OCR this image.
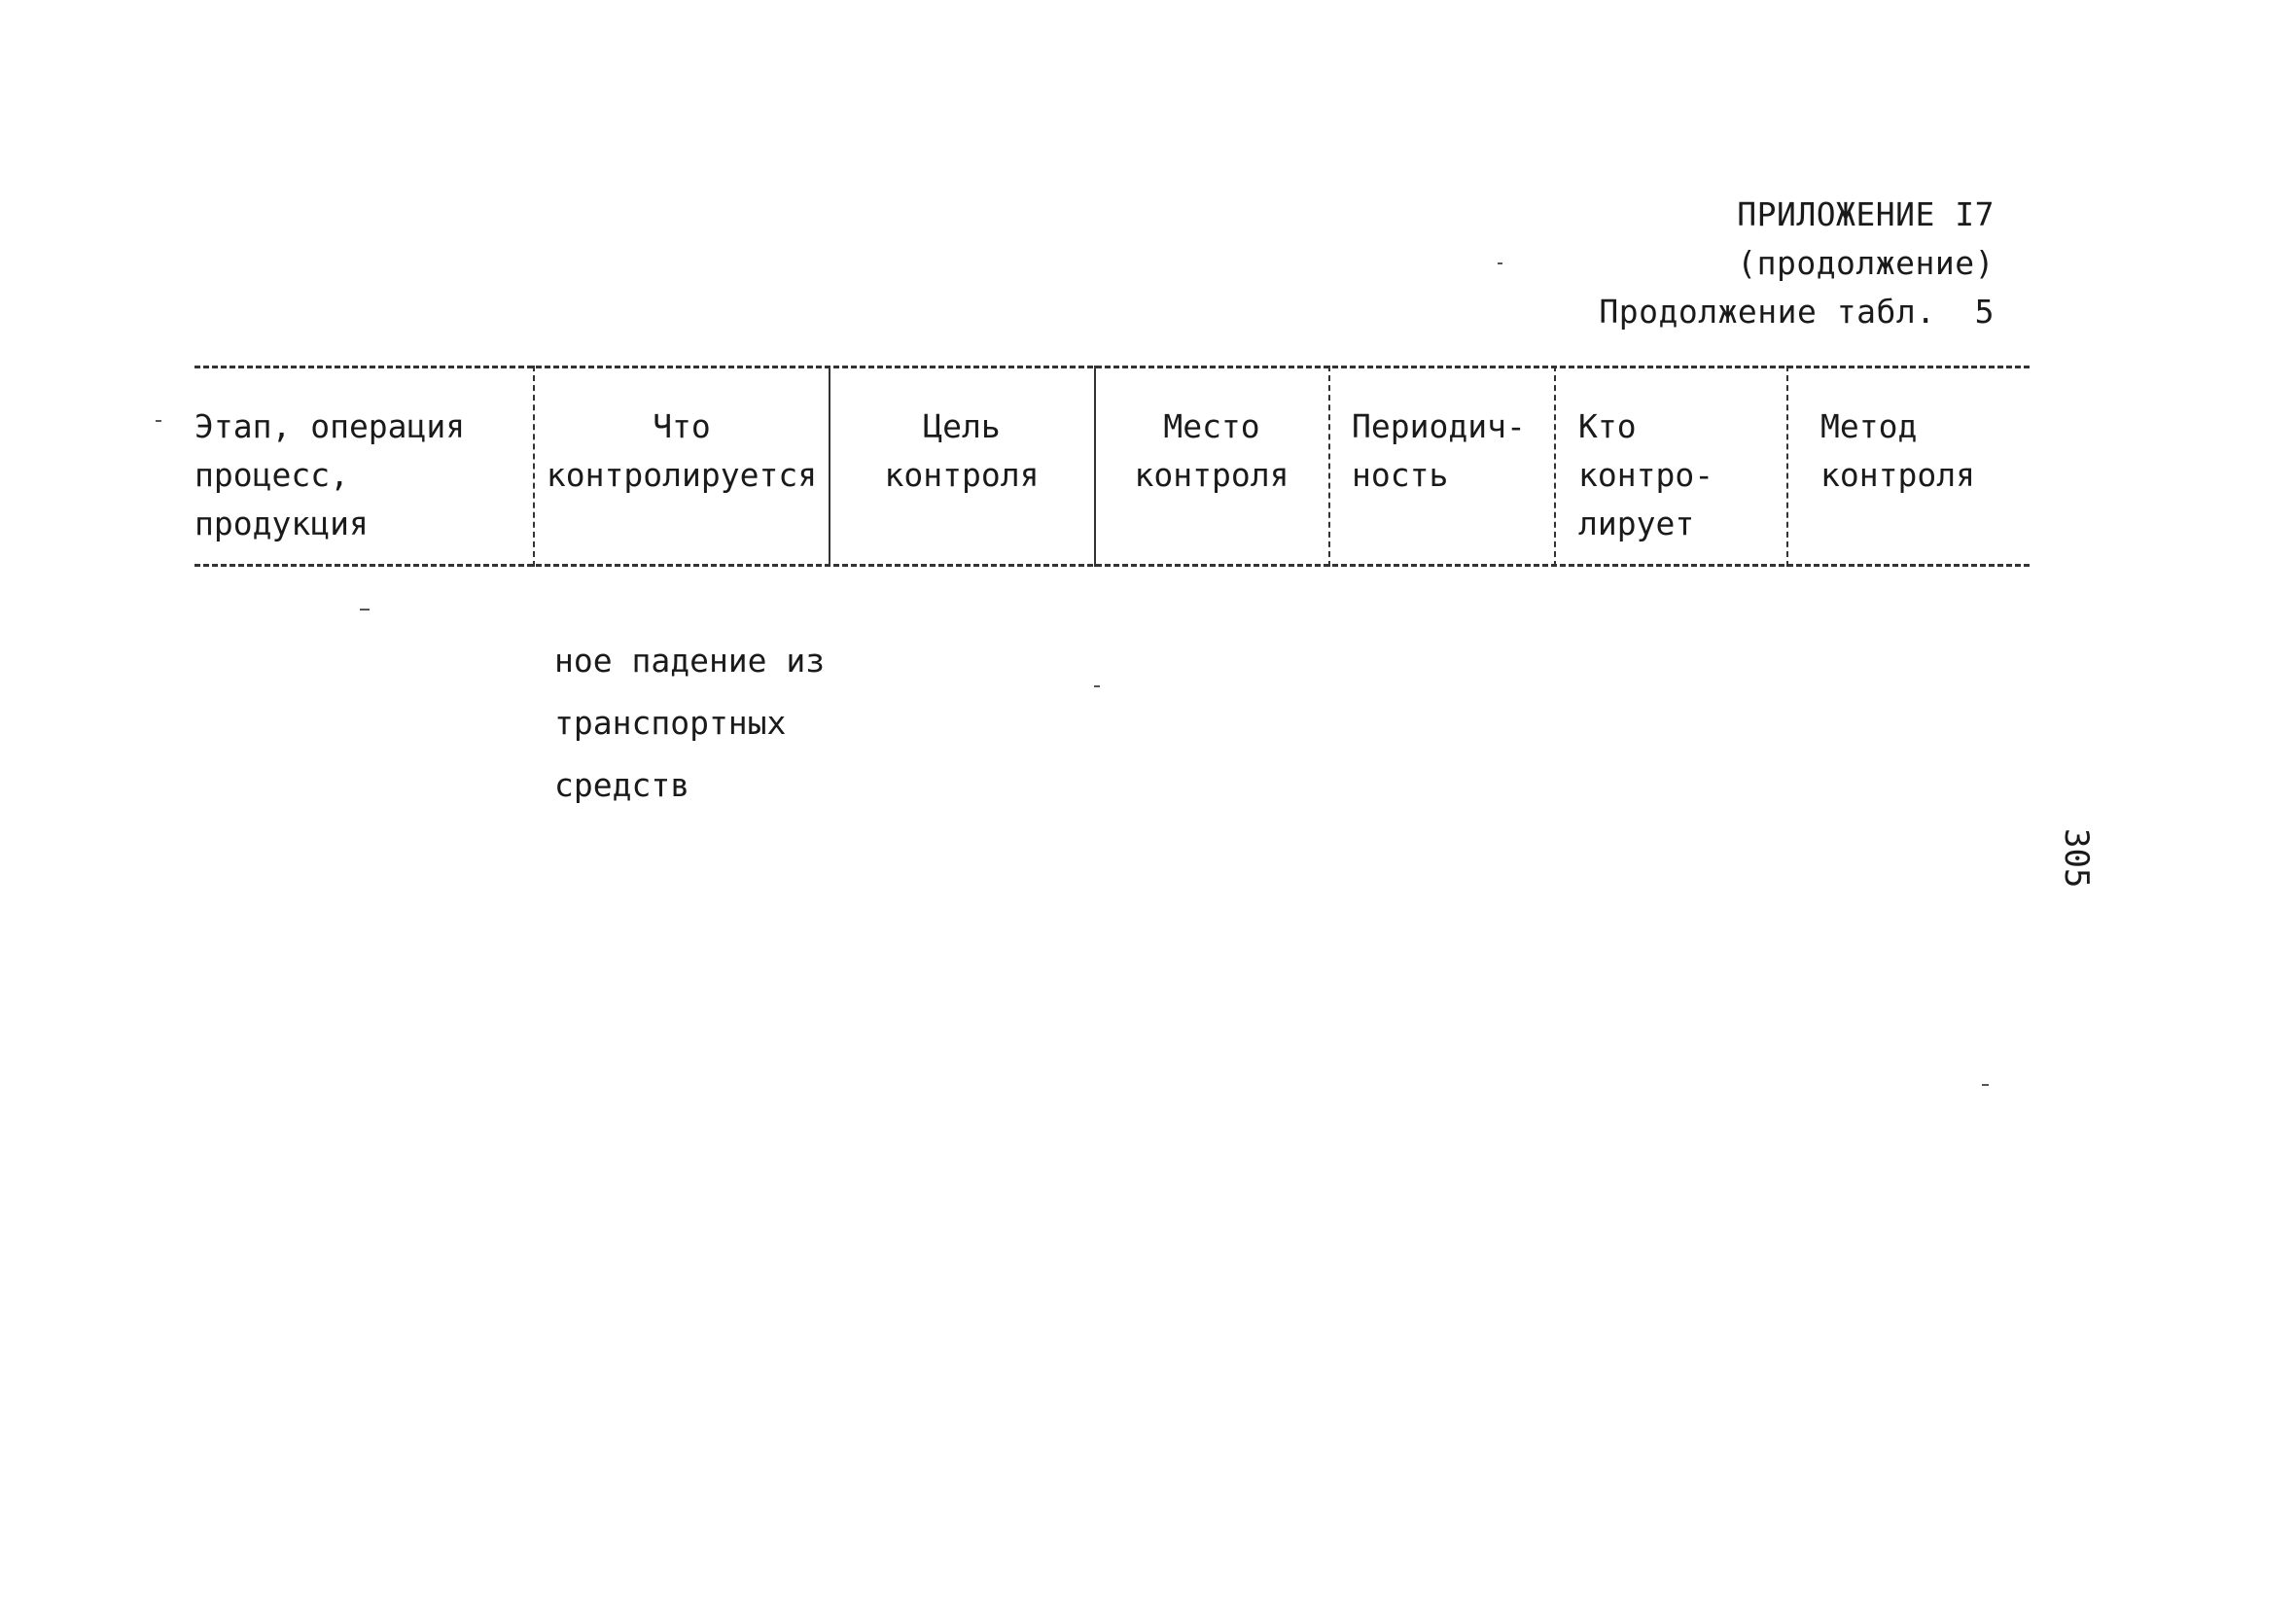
ПРИЛОЖЕНИЕ I7
(продолжение)
Продолжение табл. 5
Этап, операция
процесс,
продукция
Что
контролируется
Цель
контроля
Место
контроля
Периодич-
ность
Кто контро-
лирует
Метод
контроля
ное падение из
транспортных
средств
305
